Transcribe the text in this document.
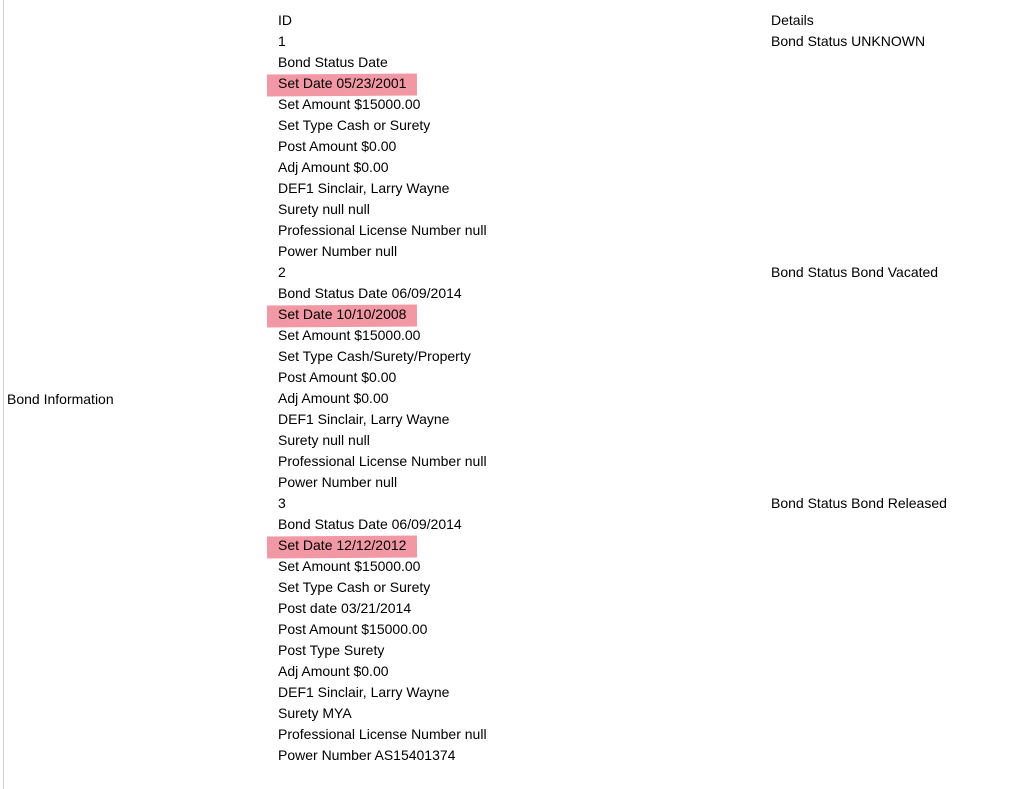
Bond Information
ID
1
Bond Status Date
Set Date 05/23/2001
Set Amount $15000.00
Set Type Cash or Surety
Post Amount $0.00
Adj Amount $0.00
DEF1 Sinclair, Larry Wayne
Surety null null
Professional License Number null
Power Number null
2
Bond Status Date 06/09/2014
Set Date 10/10/2008
Set Amount $15000.00
Set Type Cash/Surety/Property
Post Amount $0.00
Adj Amount $0.00
DEF1 Sinclair, Larry Wayne
Surety null null
Professional License Number null
Power Number null
3
Bond Status Date 06/09/2014
Set Date 12/12/2012
Set Amount $15000.00
Set Type Cash or Surety
Post date 03/21/2014
Post Amount $15000.00
Post Type Surety
Adj Amount $0.00
DEF1 Sinclair, Larry Wayne
Surety MYA
Professional License Number null
Power Number AS15401374
Details
Bond Status UNKNOWN
Bond Status Bond Vacated
Bond Status Bond Released
